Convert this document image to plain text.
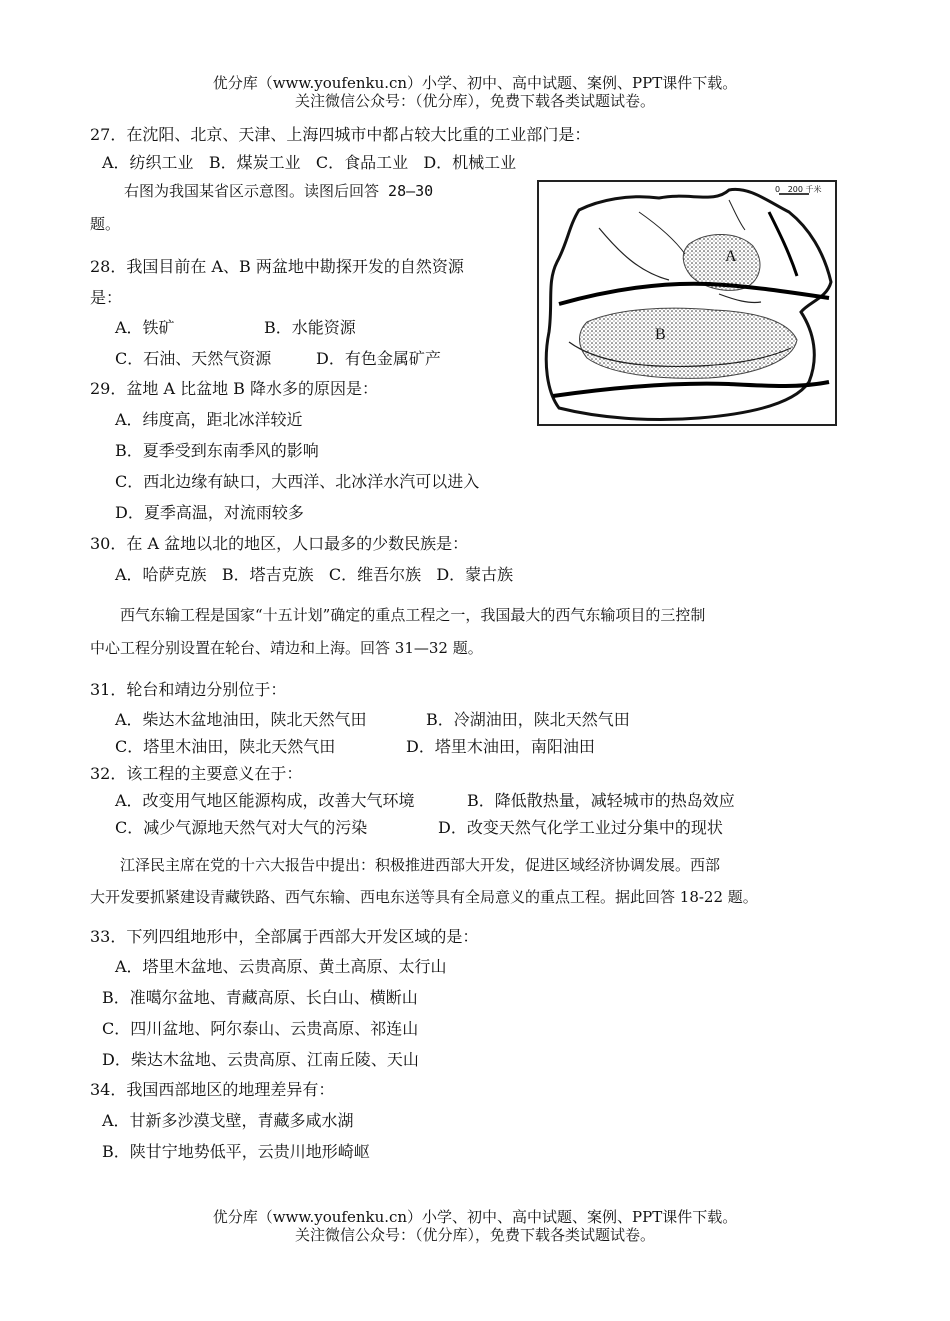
优分库（www.youfenku.cn）小学、初中、高中试题、案例、PPT课件下载。
关注微信公众号：（优分库），免费下载各类试题试卷。
27．在沈阳、北京、天津、上海四城市中都占较大比重的工业部门是：
A．纺织工业   B．煤炭工业   C．食品工业   D．机械工业
右图为我国某省区示意图。读图后回答 28—30
题。
A
B
0   200 千米
28．我国目前在 A、B 两盆地中勘探开发的自然资源
是：
A．铁矿	B．水能资源
C．石油、天然气资源	D．有色金属矿产
29．盆地 A 比盆地 B 降水多的原因是：
A．纬度高，距北冰洋较近
B．夏季受到东南季风的影响
C．西北边缘有缺口，大西洋、北冰洋水汽可以进入
D．夏季高温，对流雨较多
30．在 A 盆地以北的地区，人口最多的少数民族是：
A．哈萨克族   B．塔吉克族   C．维吾尔族   D．蒙古族
西气东输工程是国家“十五计划”确定的重点工程之一，我国最大的西气东输项目的三控制
中心工程分别设置在轮台、靖边和上海。回答 31—32 题。
31．轮台和靖边分别位于：
A．柴达木盆地油田，陕北天然气田	B．冷湖油田，陕北天然气田
C．塔里木油田，陕北天然气田	D．塔里木油田，南阳油田
32．该工程的主要意义在于：
A．改变用气地区能源构成，改善大气环境	B．降低散热量，减轻城市的热岛效应
C．减少气源地天然气对大气的污染	D．改变天然气化学工业过分集中的现状
江泽民主席在党的十六大报告中提出：积极推进西部大开发，促进区域经济协调发展。西部
大开发要抓紧建设青藏铁路、西气东输、西电东送等具有全局意义的重点工程。据此回答 18-22 题。
33．下列四组地形中，全部属于西部大开发区域的是：
A．塔里木盆地、云贵高原、黄土高原、太行山
B．准噶尔盆地、青藏高原、长白山、横断山
C．四川盆地、阿尔泰山、云贵高原、祁连山
D．柴达木盆地、云贵高原、江南丘陵、天山
34．我国西部地区的地理差异有：
A．甘新多沙漠戈壁，青藏多咸水湖
B．陕甘宁地势低平，云贵川地形崎岖
优分库（www.youfenku.cn）小学、初中、高中试题、案例、PPT课件下载。
关注微信公众号：（优分库），免费下载各类试题试卷。
